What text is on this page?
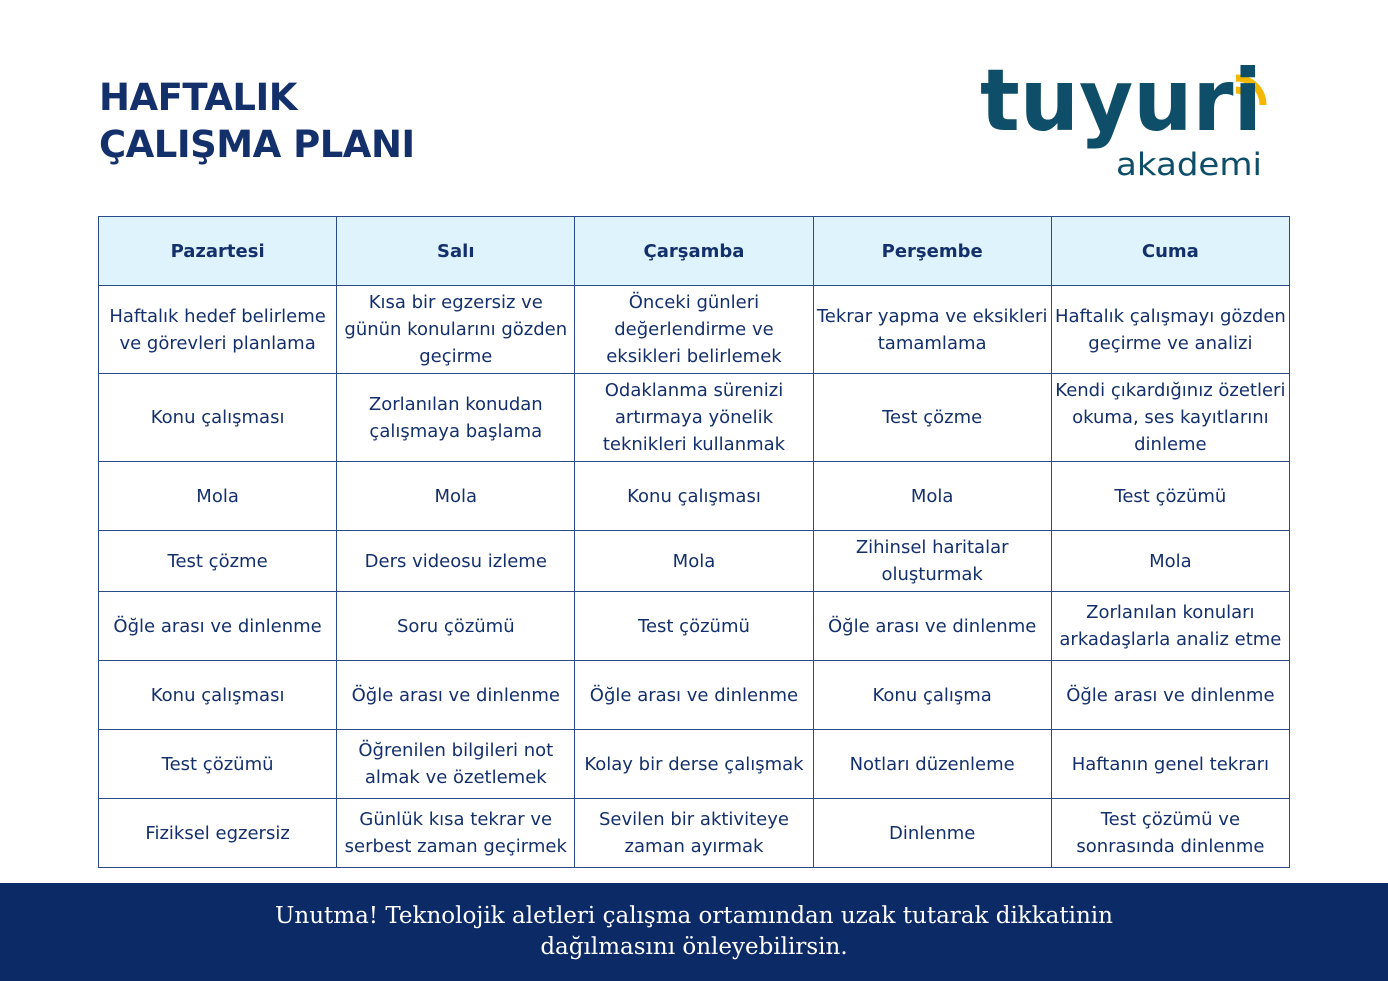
HAFTALIK
ÇALIŞMA PLANI	tuyuri
akademi
Pazartesi	Salı	Çarşamba	Perşembe	Cuma
Haftalık hedef belirleme ve görevleri planlama	Kısa bir egzersiz ve günün konularını gözden geçirme	Önceki günleri değerlendirme ve eksikleri belirlemek	Tekrar yapma ve eksikleri tamamlama	Haftalık çalışmayı gözden geçirme ve analizi
Konu çalışması	Zorlanılan konudan çalışmaya başlama	Odaklanma sürenizi artırmaya yönelik teknikleri kullanmak	Test çözme	Kendi çıkardığınız özetleri okuma, ses kayıtlarını dinleme
Mola	Mola	Konu çalışması	Mola	Test çözümü
Test çözme	Ders videosu izleme	Mola	Zihinsel haritalar oluşturmak	Mola
Öğle arası ve dinlenme	Soru çözümü	Test çözümü	Öğle arası ve dinlenme	Zorlanılan konuları arkadaşlarla analiz etme
Konu çalışması	Öğle arası ve dinlenme	Öğle arası ve dinlenme	Konu çalışma	Öğle arası ve dinlenme
Test çözümü	Öğrenilen bilgileri not almak ve özetlemek	Kolay bir derse çalışmak	Notları düzenleme	Haftanın genel tekrarı
Fiziksel egzersiz	Günlük kısa tekrar ve serbest zaman geçirmek	Sevilen bir aktiviteye zaman ayırmak	Dinlenme	Test çözümü ve sonrasında dinlenme

Unutma! Teknolojik aletleri çalışma ortamından uzak tutarak dikkatinin dağılmasını önleyebilirsin.
